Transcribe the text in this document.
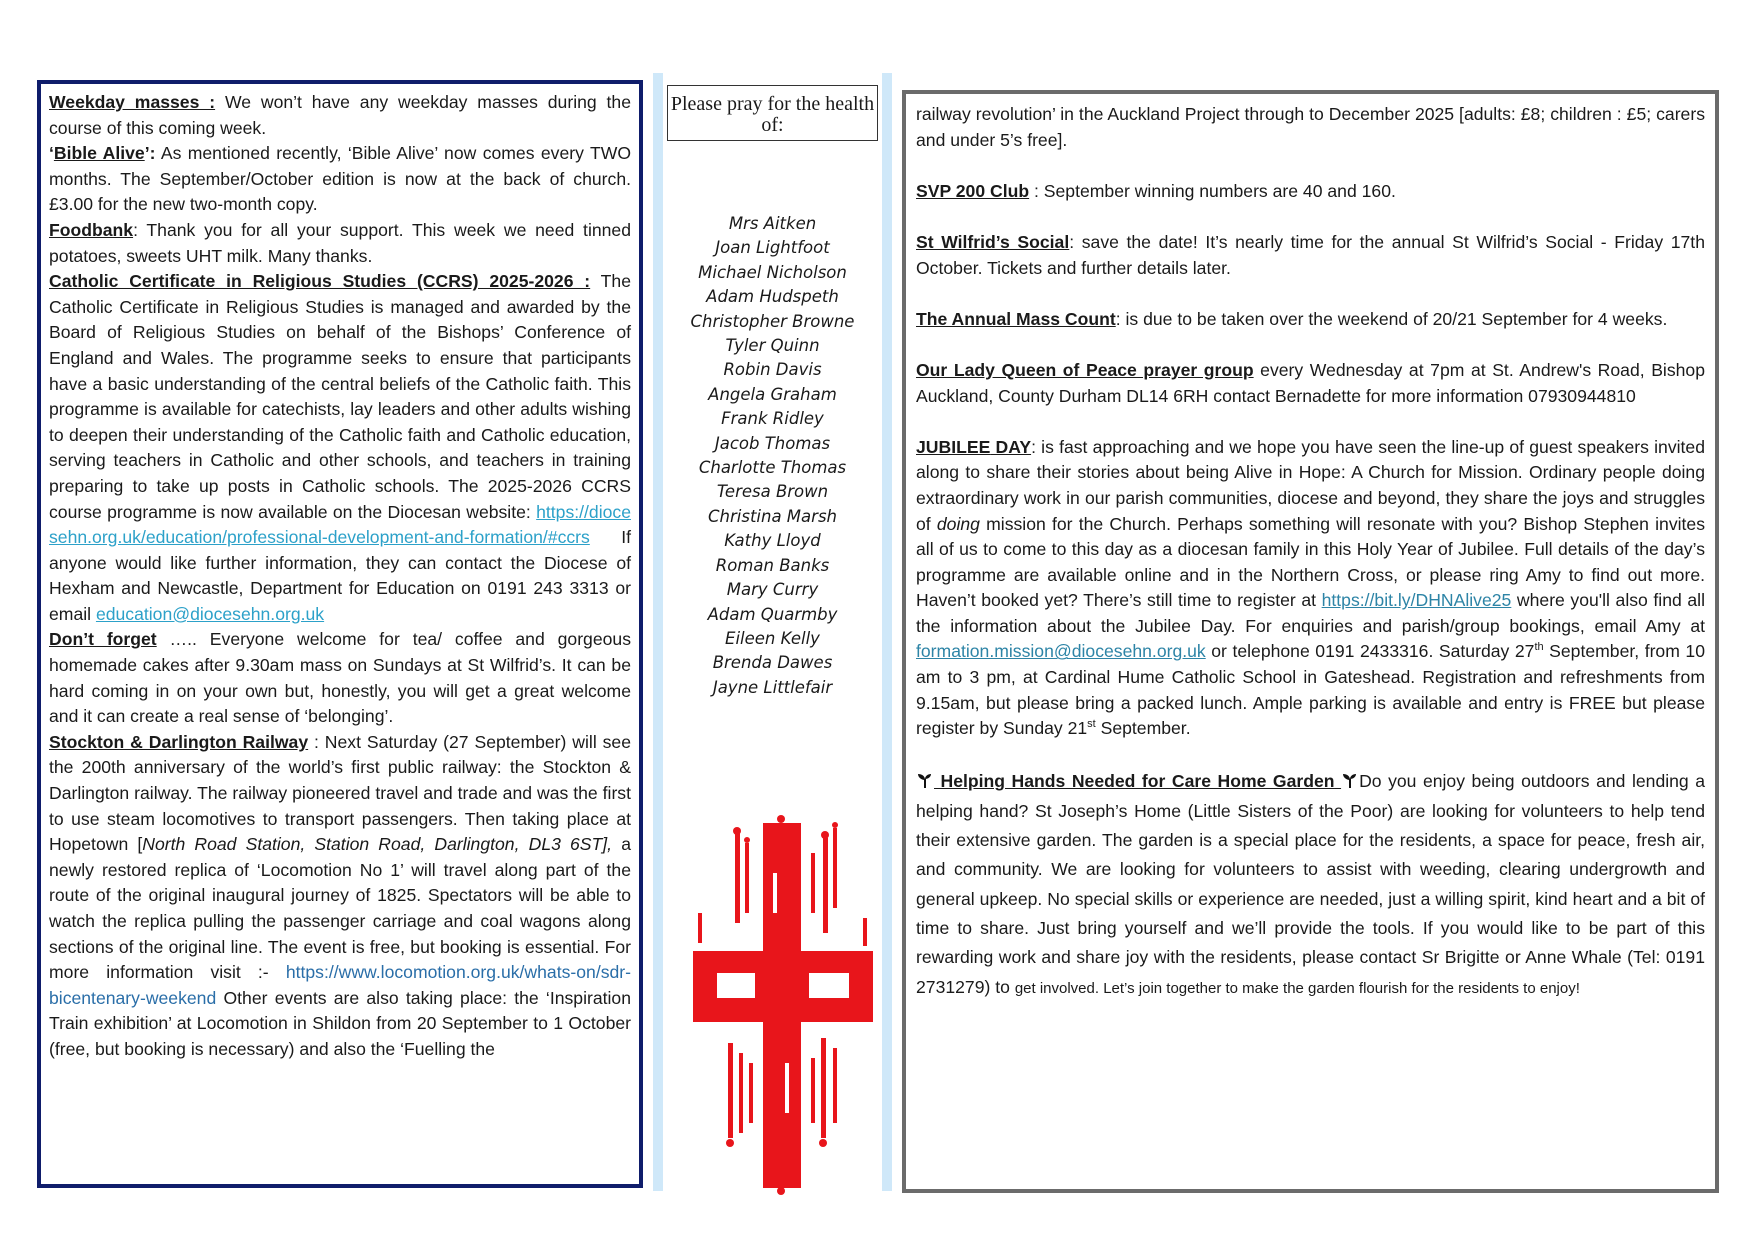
Weekday masses : We won’t have any weekday masses during the course of this coming week.

‘Bible Alive’: As mentioned recently, ‘Bible Alive’ now comes every TWO months. The September/October edition is now at the back of church. £3.00 for the new two-month copy.

Foodbank: Thank you for all your support. This week we need tinned potatoes, sweets UHT milk. Many thanks.

Catholic Certificate in Religious Studies (CCRS) 2025-2026 : The Catholic Certificate in Religious Studies is managed and awarded by the Board of Religious Studies on behalf of the Bishops’ Conference of England and Wales. The programme seeks to ensure that participants have a basic understanding of the central beliefs of the Catholic faith. This programme is available for catechists, lay leaders and other adults wishing to deepen their understanding of the Catholic faith and Catholic education, serving teachers in Catholic and other schools, and teachers in training preparing to take up posts in Catholic schools. The 2025-2026 CCRS course programme is now available on the Diocesan website: https://diocesehn.org.uk/education/professional-development-and-formation/#ccrs If anyone would like further information, they can contact the Diocese of Hexham and Newcastle, Department for Education on 0191 243 3313 or email education@diocesehn.org.uk

Don’t forget ….. Everyone welcome for tea/ coffee and gorgeous homemade cakes after 9.30am mass on Sundays at St Wilfrid’s. It can be hard coming in on your own but, honestly, you will get a great welcome and it can create a real sense of ‘belonging’.

Stockton & Darlington Railway : Next Saturday (27 September) will see the 200th anniversary of the world’s first public railway: the Stockton & Darlington railway. The railway pioneered travel and trade and was the first to use steam locomotives to transport passengers. Then taking place at Hopetown [North Road Station, Station Road, Darlington, DL3 6ST], a newly restored replica of ‘Locomotion No 1’ will travel along part of the route of the original inaugural journey of 1825. Spectators will be able to watch the replica pulling the passenger carriage and coal wagons along sections of the original line. The event is free, but booking is essential. For more information visit :- https://www.locomotion.org.uk/whats-on/sdr-bicentenary-weekend Other events are also taking place: the ‘Inspiration Train exhibition’ at Locomotion in Shildon from 20 September to 1 October (free, but booking is necessary) and also the ‘Fuelling the

Please pray for the health of:
Mrs Aitken
Joan Lightfoot
Michael Nicholson
Adam Hudspeth
Christopher Browne
Tyler Quinn
Robin Davis
Angela Graham
Frank Ridley
Jacob Thomas
Charlotte Thomas
Teresa Brown
Christina Marsh
Kathy Lloyd
Roman Banks
Mary Curry
Adam Quarmby
Eileen Kelly
Brenda Dawes
Jayne Littlefair

railway revolution’ in the Auckland Project through to December 2025 [adults: £8; children : £5; carers and under 5’s free].

SVP 200 Club : September winning numbers are 40 and 160.

St Wilfrid’s Social: save the date! It’s nearly time for the annual St Wilfrid’s Social - Friday 17th October. Tickets and further details later.

The Annual Mass Count: is due to be taken over the weekend of 20/21 September for 4 weeks.

Our Lady Queen of Peace prayer group every Wednesday at 7pm at St. Andrew's Road, Bishop Auckland, County Durham DL14 6RH contact Bernadette for more information 07930944810

JUBILEE DAY: is fast approaching and we hope you have seen the line-up of guest speakers invited along to share their stories about being Alive in Hope: A Church for Mission. Ordinary people doing extraordinary work in our parish communities, diocese and beyond, they share the joys and struggles of doing mission for the Church. Perhaps something will resonate with you? Bishop Stephen invites all of us to come to this day as a diocesan family in this Holy Year of Jubilee. Full details of the day’s programme are available online and in the Northern Cross, or please ring Amy to find out more. Haven’t booked yet? There’s still time to register at https://bit.ly/DHNAlive25 where you'll also find all the information about the Jubilee Day. For enquiries and parish/group bookings, email Amy at formation.mission@diocesehn.org.uk or telephone 0191 2433316. Saturday 27th September, from 10 am to 3 pm, at Cardinal Hume Catholic School in Gateshead. Registration and refreshments from 9.15am, but please bring a packed lunch. Ample parking is available and entry is FREE but please register by Sunday 21st September.

Helping Hands Needed for Care Home Garden Do you enjoy being outdoors and lending a helping hand? St Joseph’s Home (Little Sisters of the Poor) are looking for volunteers to help tend their extensive garden. The garden is a special place for the residents, a space for peace, fresh air, and community. We are looking for volunteers to assist with weeding, clearing undergrowth and general upkeep. No special skills or experience are needed, just a willing spirit, kind heart and a bit of time to share. Just bring yourself and we’ll provide the tools. If you would like to be part of this rewarding work and share joy with the residents, please contact Sr Brigitte or Anne Whale (Tel: 0191 2731279) to get involved. Let’s join together to make the garden flourish for the residents to enjoy!
